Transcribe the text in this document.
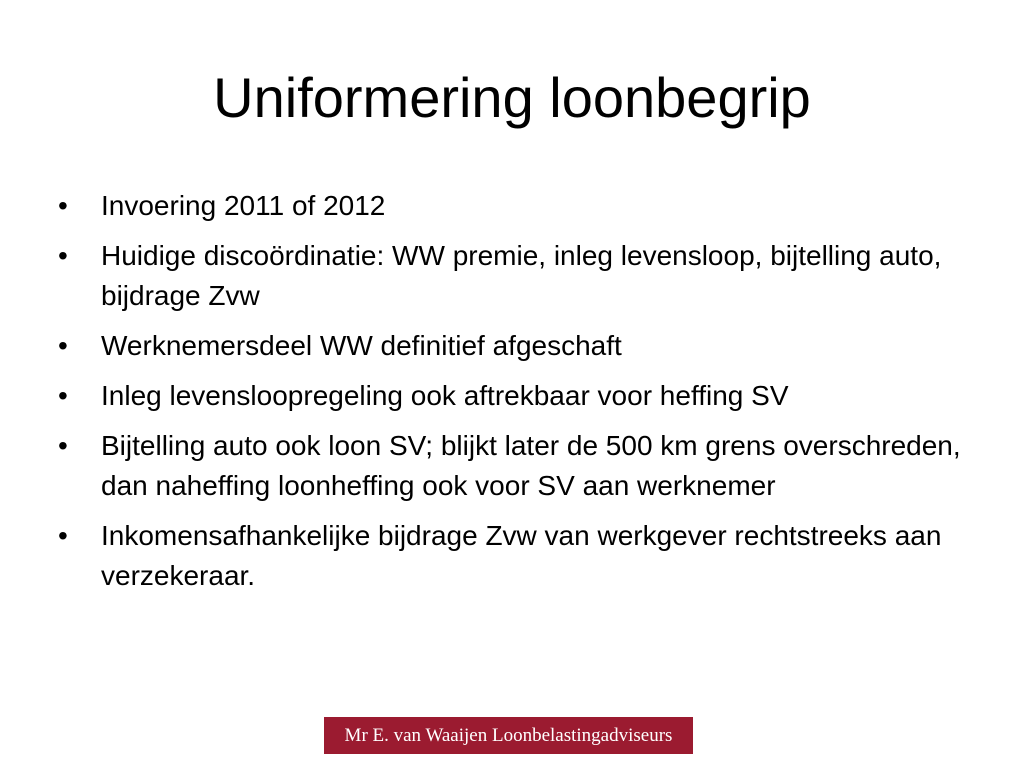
Uniformering loonbegrip
•	Invoering 2011 of 2012
•	Huidige discoördinatie: WW premie, inleg levensloop, bijtelling auto, bijdrage Zvw
•	Werknemersdeel WW definitief afgeschaft
•	Inleg levensloopregeling ook aftrekbaar voor heffing SV
•	Bijtelling auto ook loon SV; blijkt later de 500 km grens overschreden, dan naheffing loonheffing ook voor SV aan werknemer
•	Inkomensafhankelijke bijdrage Zvw van werkgever rechtstreeks aan verzekeraar.
Mr E. van Waaijen Loonbelastingadviseurs
